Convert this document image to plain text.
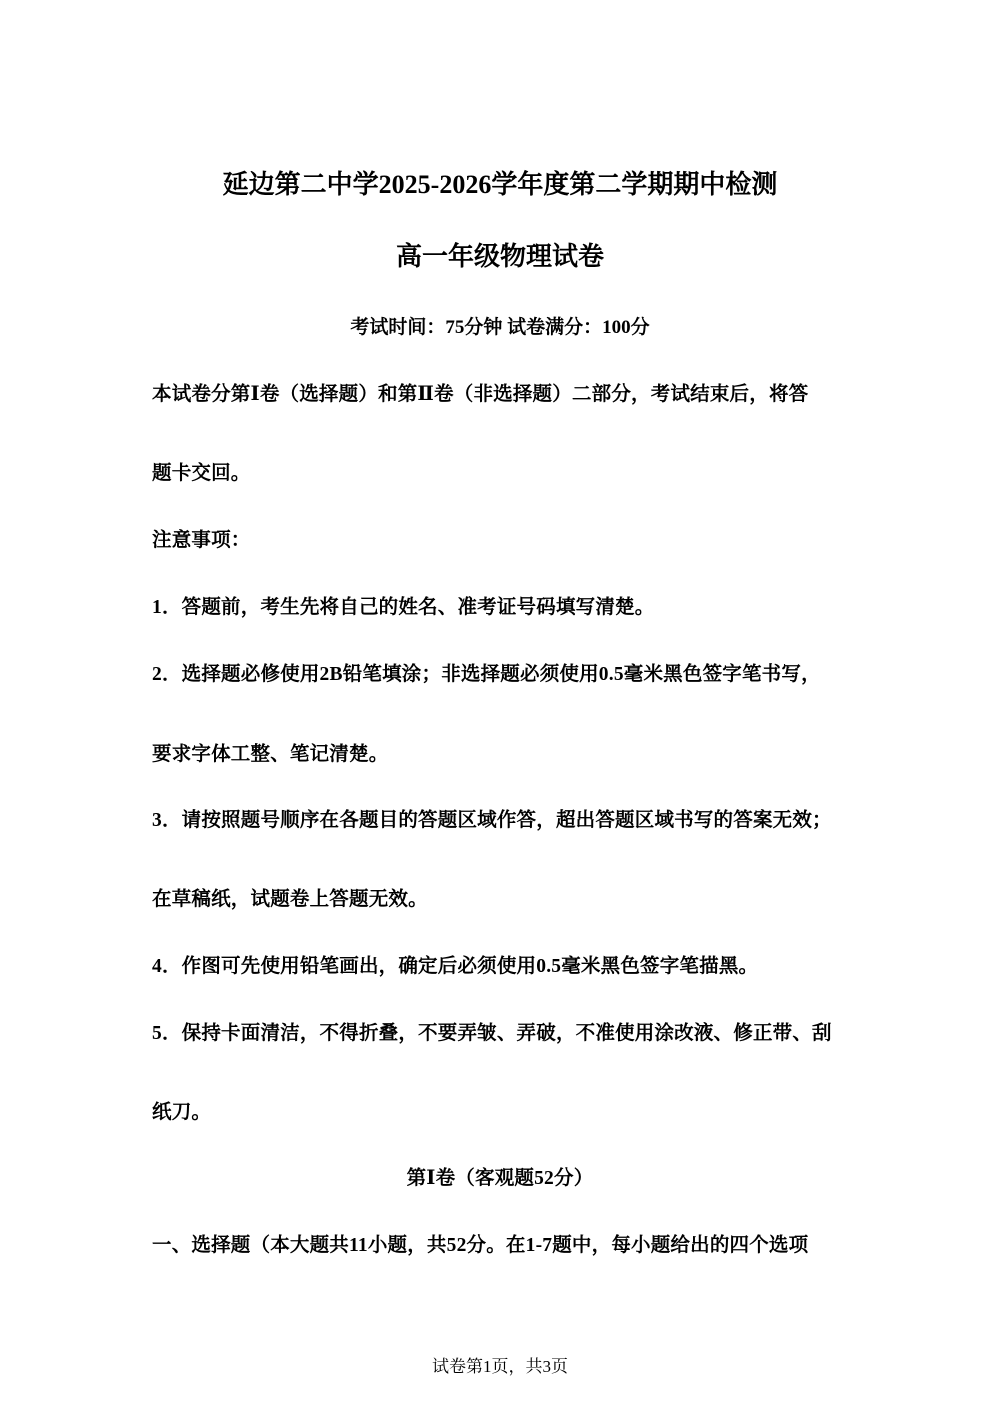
延边第二中学2025-2026学年度第二学期期中检测
高一年级物理试卷
考试时间：75分钟 试卷满分：100分
本试卷分第Ⅰ卷（选择题）和第Ⅱ卷（非选择题）二部分，考试结束后，将答
题卡交回。
注意事项：
1．答题前，考生先将自己的姓名、准考证号码填写清楚。
2．选择题必修使用2B铅笔填涂；非选择题必须使用0.5毫米黑色签字笔书写，
要求字体工整、笔记清楚。
3．请按照题号顺序在各题目的答题区域作答，超出答题区域书写的答案无效；
在草稿纸，试题卷上答题无效。
4．作图可先使用铅笔画出，确定后必须使用0.5毫米黑色签字笔描黑。
5．保持卡面清洁，不得折叠，不要弄皱、弄破，不准使用涂改液、修正带、刮
纸刀。
第Ⅰ卷（客观题52分）
一、选择题（本大题共11小题，共52分。在1-7题中，每小题给出的四个选项
试卷第1页，共3页
